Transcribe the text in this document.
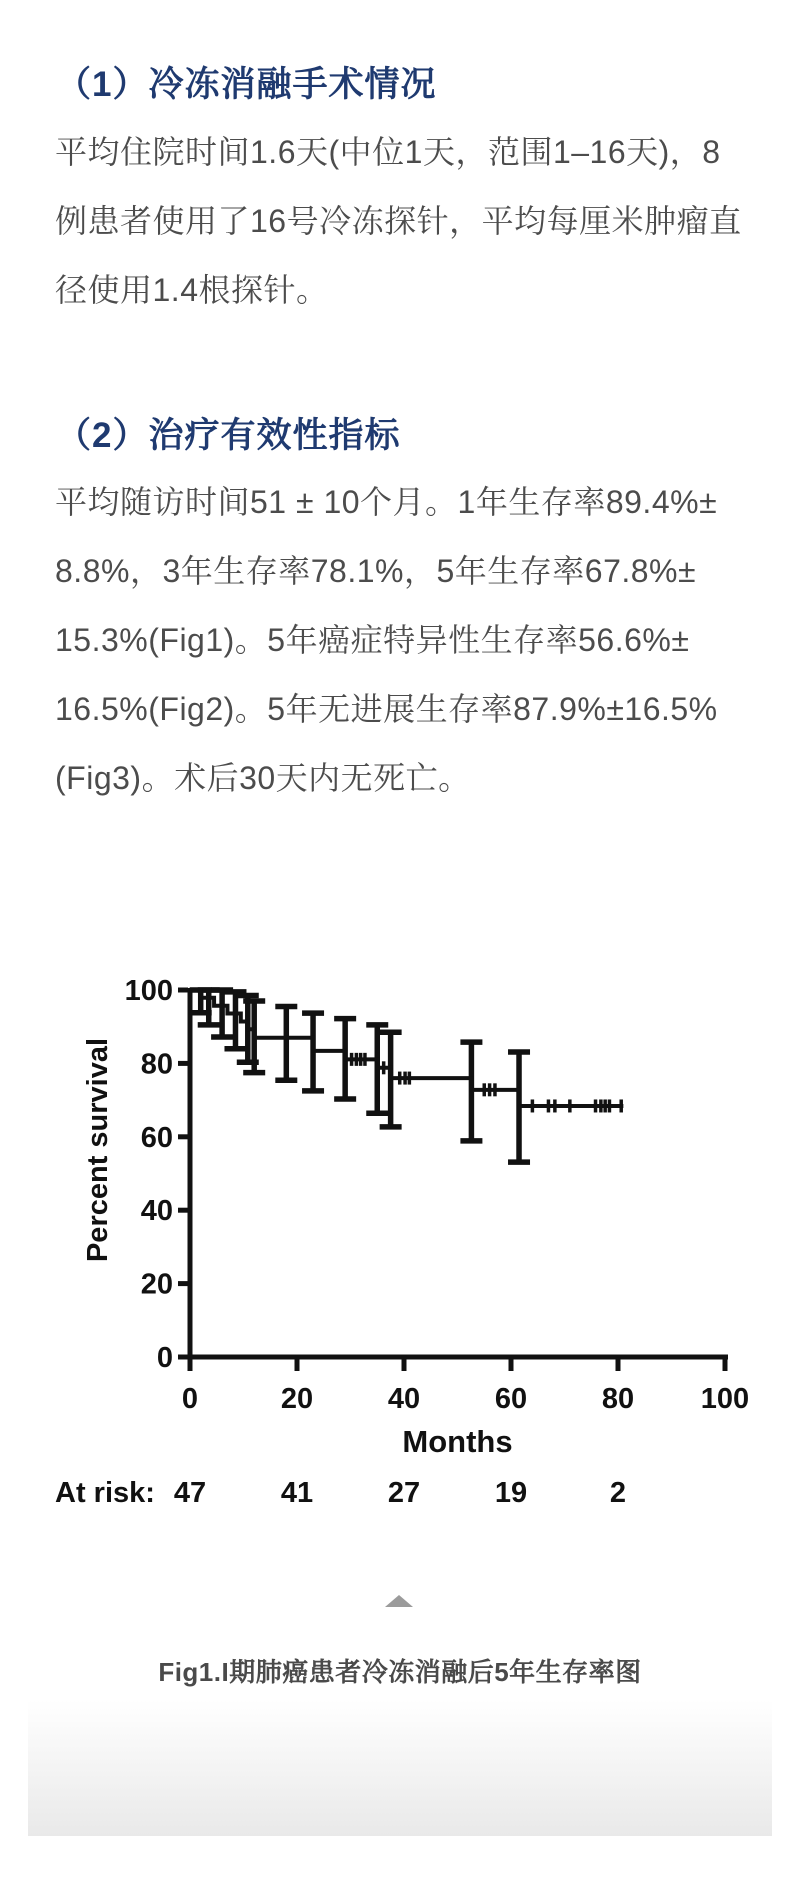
（1）冷冻消融手术情况
平均住院时间1.6天(中位1天，范围1–16天)，8
例患者使用了16号冷冻探针，平均每厘米肿瘤直
径使用1.4根探针。
（2）治疗有效性指标
平均随访时间51 ± 10个月。1年生存率89.4%±
8.8%，3年生存率78.1%，5年生存率67.8%±
15.3%(Fig1)。5年癌症特异性生存率56.6%±
16.5%(Fig2)。5年无进展生存率87.9%±16.5%
(Fig3)。术后30天内无死亡。
0	20	40	60	80 100
0
20
40
60
80
100
Months
Percent survival
At risk: 47	41	27	19	2
Fig1.I期肺癌患者冷冻消融后5年生存率图
